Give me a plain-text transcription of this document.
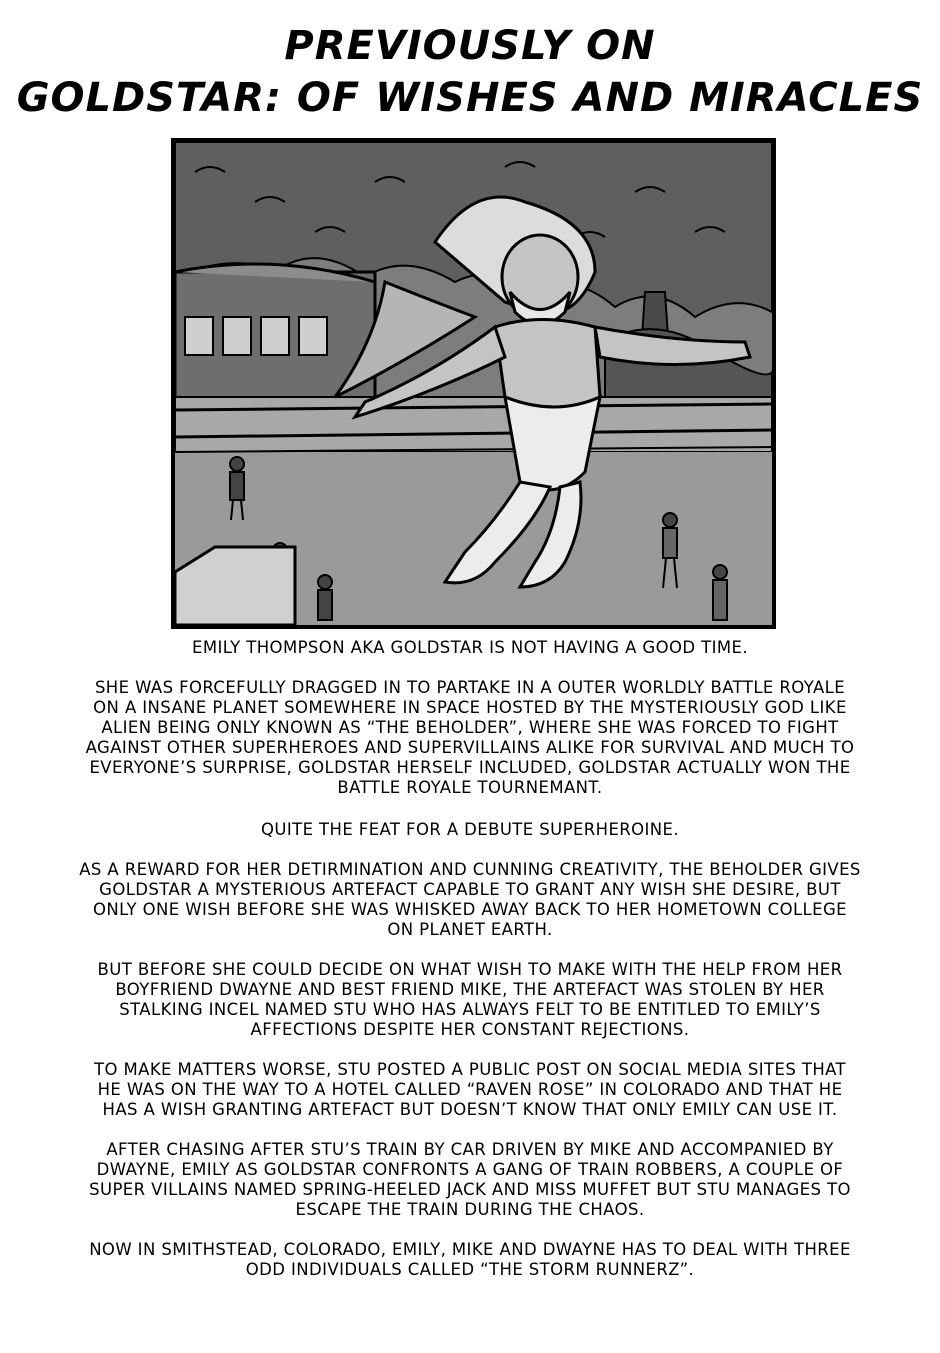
PREVIOUSLY ON
GOLDSTAR: OF WISHES AND MIRACLES
EMILY THOMPSON AKA GOLDSTAR IS NOT HAVING A GOOD TIME.
SHE WAS FORCEFULLY DRAGGED IN TO PARTAKE IN A OUTER WORLDLY BATTLE ROYALE
ON A INSANE PLANET SOMEWHERE IN SPACE HOSTED BY THE MYSTERIOUSLY GOD LIKE
ALIEN BEING ONLY KNOWN AS “THE BEHOLDER”, WHERE SHE WAS FORCED TO FIGHT
AGAINST OTHER SUPERHEROES AND SUPERVILLAINS ALIKE FOR SURVIVAL AND MUCH TO
EVERYONE’S SURPRISE, GOLDSTAR HERSELF INCLUDED, GOLDSTAR ACTUALLY WON THE
BATTLE ROYALE TOURNEMANT.
QUITE THE FEAT FOR A DEBUTE SUPERHEROINE.
AS A REWARD FOR HER DETIRMINATION AND CUNNING CREATIVITY, THE BEHOLDER GIVES
GOLDSTAR A MYSTERIOUS ARTEFACT CAPABLE TO GRANT ANY WISH SHE DESIRE, BUT
ONLY ONE WISH BEFORE SHE WAS WHISKED AWAY BACK TO HER HOMETOWN COLLEGE
ON PLANET EARTH.
BUT BEFORE SHE COULD DECIDE ON WHAT WISH TO MAKE WITH THE HELP FROM HER
BOYFRIEND DWAYNE AND BEST FRIEND MIKE, THE ARTEFACT WAS STOLEN BY HER
STALKING INCEL NAMED STU WHO HAS ALWAYS FELT TO BE ENTITLED TO EMILY’S
AFFECTIONS DESPITE HER CONSTANT REJECTIONS.
TO MAKE MATTERS WORSE, STU POSTED A PUBLIC POST ON SOCIAL MEDIA SITES THAT
HE WAS ON THE WAY TO A HOTEL CALLED “RAVEN ROSE” IN COLORADO AND THAT HE
HAS A WISH GRANTING ARTEFACT BUT DOESN’T KNOW THAT ONLY EMILY CAN USE IT.
AFTER CHASING AFTER STU’S TRAIN BY CAR DRIVEN BY MIKE AND ACCOMPANIED BY
DWAYNE, EMILY AS GOLDSTAR CONFRONTS A GANG OF TRAIN ROBBERS, A COUPLE OF
SUPER VILLAINS NAMED SPRING-HEELED JACK AND MISS MUFFET BUT STU MANAGES TO
ESCAPE THE TRAIN DURING THE CHAOS.
NOW IN SMITHSTEAD, COLORADO, EMILY, MIKE AND DWAYNE HAS TO DEAL WITH THREE
ODD INDIVIDUALS CALLED “THE STORM RUNNERZ”.
